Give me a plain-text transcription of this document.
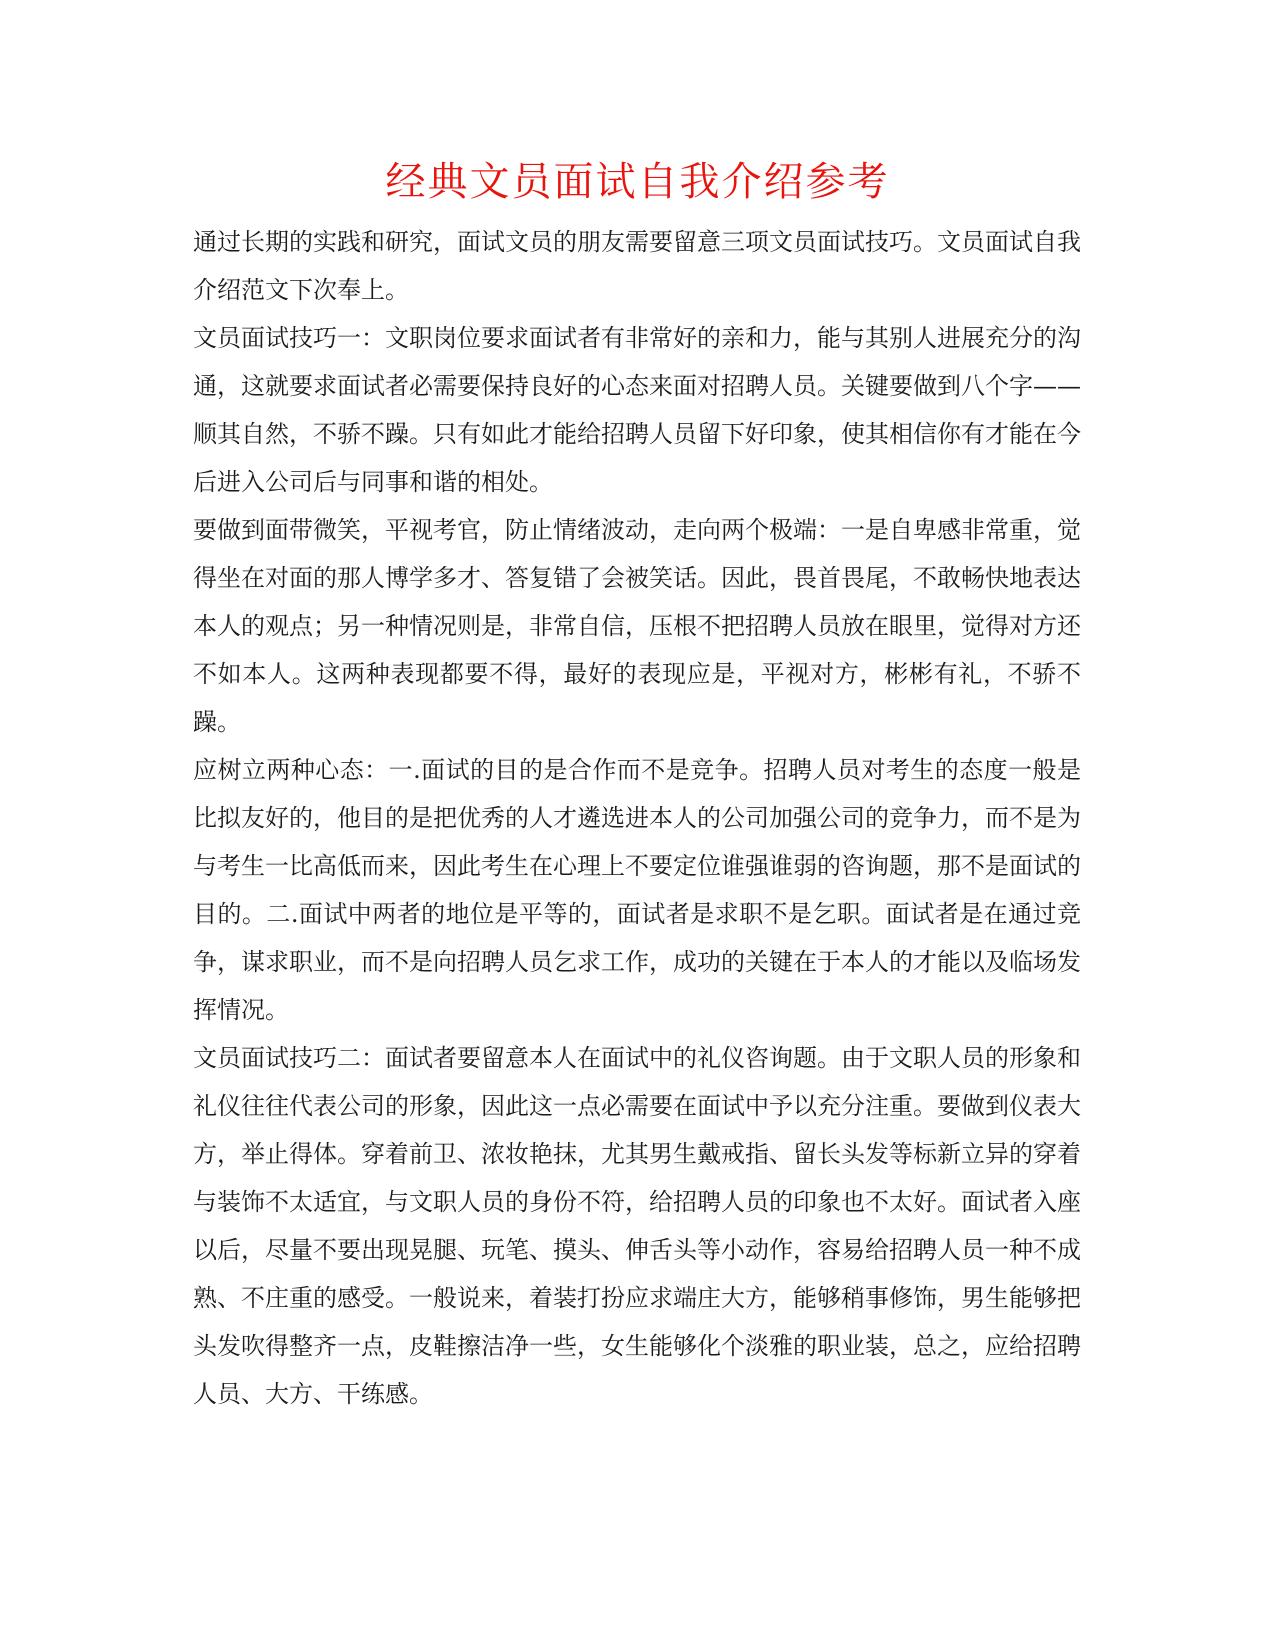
经典文员面试自我介绍参考

通过长期的实践和研究，面试文员的朋友需要留意三项文员面试技巧。文员面试自我介绍范文下次奉上。

文员面试技巧一：文职岗位要求面试者有非常好的亲和力，能与其别人进展充分的沟通，这就要求面试者必需要保持良好的心态来面对招聘人员。关键要做到八个字——

顺其自然，不骄不躁。只有如此才能给招聘人员留下好印象，使其相信你有才能在今后进入公司后与同事和谐的相处。

要做到面带微笑，平视考官，防止情绪波动，走向两个极端：一是自卑感非常重，觉得坐在对面的那人博学多才、答复错了会被笑话。因此，畏首畏尾，不敢畅快地表达本人的观点；另一种情况则是，非常自信，压根不把招聘人员放在眼里，觉得对方还不如本人。这两种表现都要不得，最好的表现应是，平视对方，彬彬有礼，不骄不躁。

应树立两种心态：一.面试的目的是合作而不是竞争。招聘人员对考生的态度一般是比拟友好的，他目的是把优秀的人才遴选进本人的公司加强公司的竞争力，而不是为与考生一比高低而来，因此考生在心理上不要定位谁强谁弱的咨询题，那不是面试的目的。二.面试中两者的地位是平等的，面试者是求职不是乞职。面试者是在通过竞争，谋求职业，而不是向招聘人员乞求工作，成功的关键在于本人的才能以及临场发挥情况。

文员面试技巧二：面试者要留意本人在面试中的礼仪咨询题。由于文职人员的形象和礼仪往往代表公司的形象，因此这一点必需要在面试中予以充分注重。要做到仪表大方，举止得体。穿着前卫、浓妆艳抹，尤其男生戴戒指、留长头发等标新立异的穿着与装饰不太适宜，与文职人员的身份不符，给招聘人员的印象也不太好。面试者入座以后，尽量不要出现晃腿、玩笔、摸头、伸舌头等小动作，容易给招聘人员一种不成熟、不庄重的感受。一般说来，着装打扮应求端庄大方，能够稍事修饰，男生能够把头发吹得整齐一点，皮鞋擦洁净一些，女生能够化个淡雅的职业装，总之，应给招聘人员、大方、干练感。
